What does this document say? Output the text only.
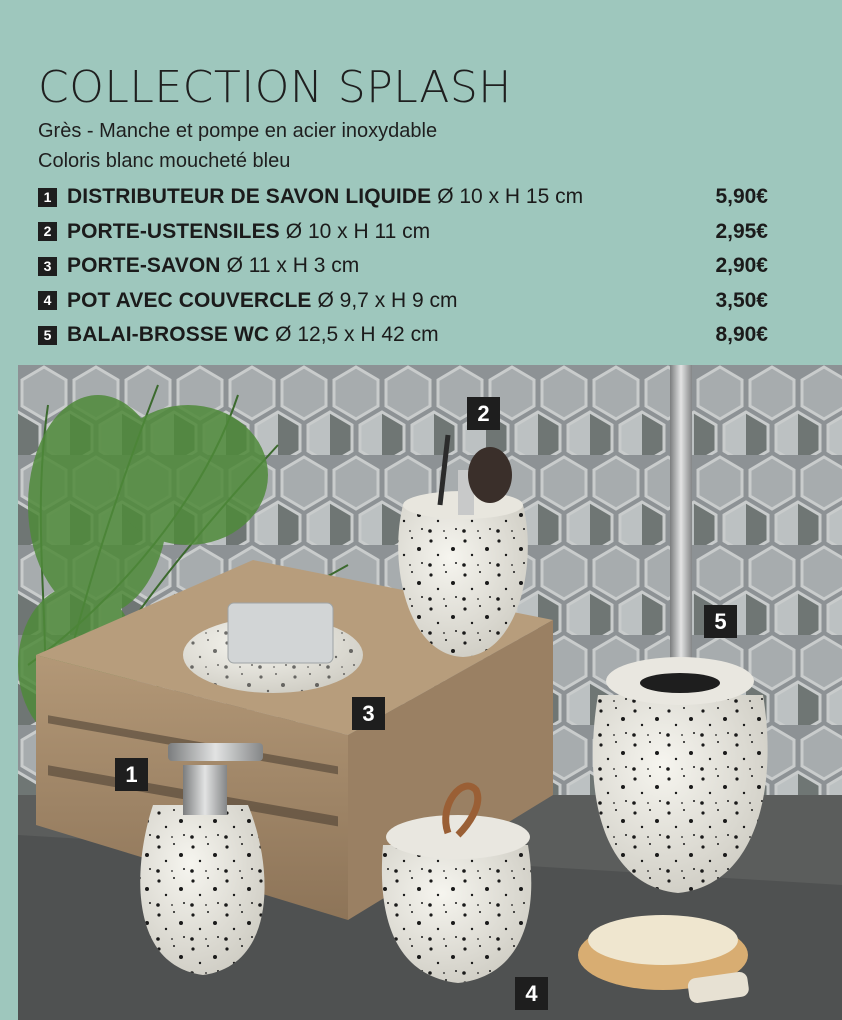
COLLECTION SPLASH
Grès - Manche et pompe en acier inoxydable
Coloris blanc moucheté bleu
1 DISTRIBUTEUR DE SAVON LIQUIDE Ø 10 x H 15 cm	5,90€
2 PORTE-USTENSILES Ø 10 x H 11 cm	2,95€
3 PORTE-SAVON Ø 11 x H 3 cm	2,90€
4 POT AVEC COUVERCLE Ø 9,7 x H 9 cm	3,50€
5 BALAI-BROSSE WC Ø 12,5 x H 42 cm	8,90€
2
5
3
1
4
